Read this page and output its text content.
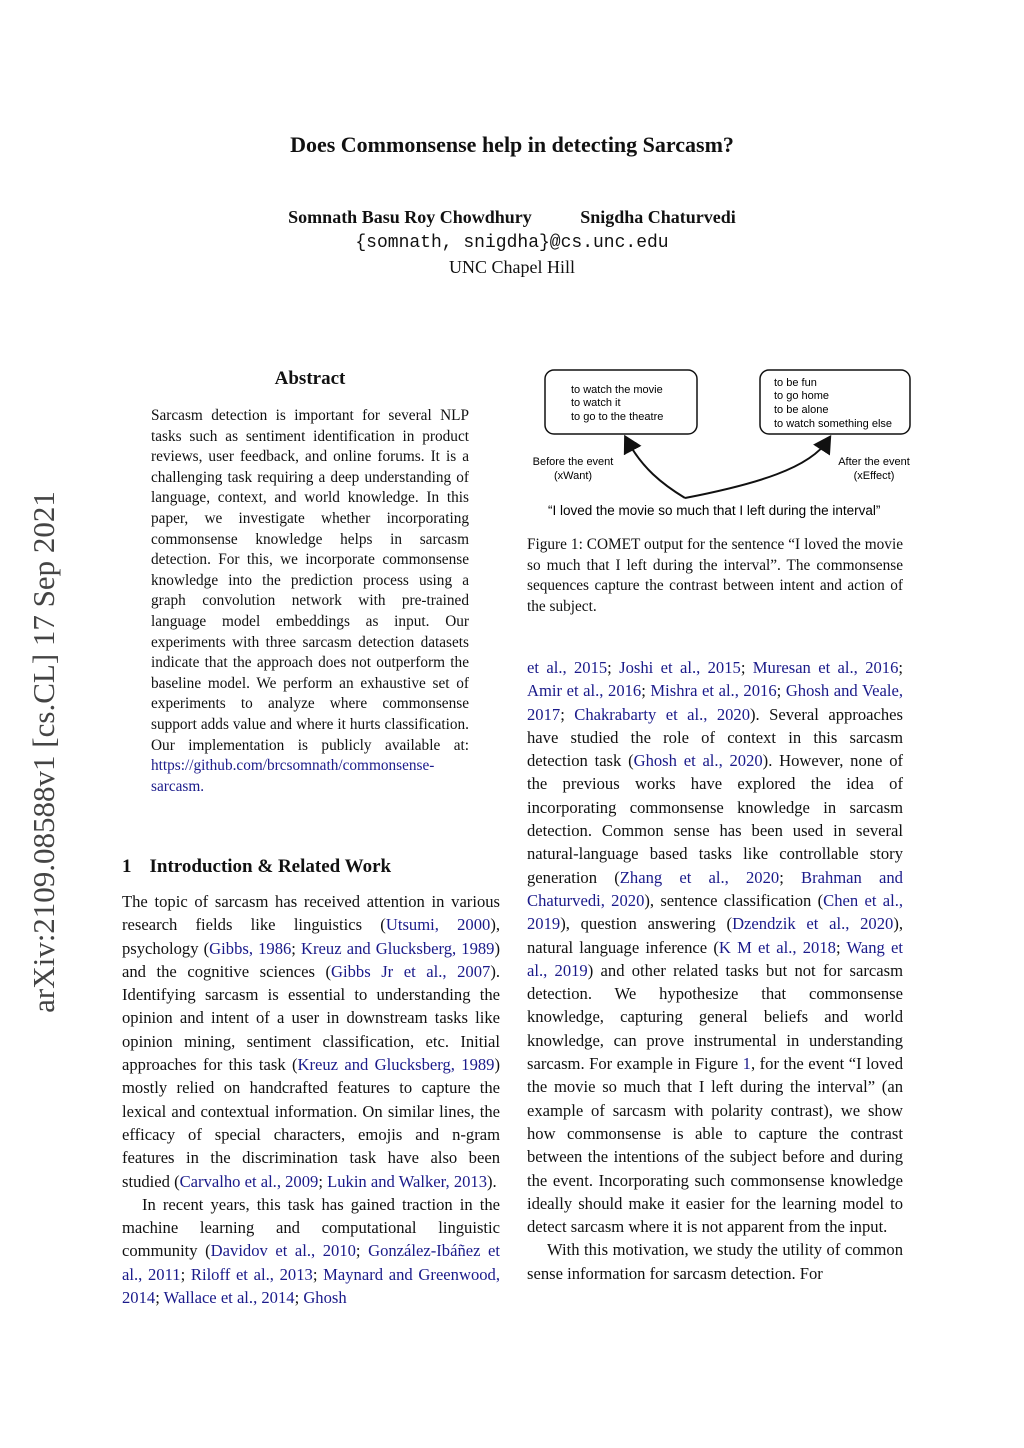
arXiv:2109.08588v1 [cs.CL] 17 Sep 2021
Does Commonsense help in detecting Sarcasm?
Somnath Basu Roy Chowdhury	Snigdha Chaturvedi
{somnath, snigdha}@cs.unc.edu
UNC Chapel Hill
Abstract
Sarcasm detection is important for several NLP tasks such as sentiment identification in product reviews, user feedback, and online forums. It is a challenging task requiring a deep understanding of language, context, and world knowledge. In this paper, we investigate whether incorporating commonsense knowledge helps in sarcasm detection. For this, we incorporate commonsense knowledge into the prediction process using a graph convolution network with pre-trained language model embeddings as input. Our experiments with three sarcasm detection datasets indicate that the approach does not outperform the baseline model. We perform an exhaustive set of experiments to analyze where commonsense support adds value and where it hurts classification. Our implementation is publicly available at: https://github.com/brcsomnath/commonsense-sarcasm.
1 Introduction & Related Work

The topic of sarcasm has received attention in various research fields like linguistics (Utsumi, 2000), psychology (Gibbs, 1986; Kreuz and Glucksberg, 1989) and the cognitive sciences (Gibbs Jr et al., 2007). Identifying sarcasm is essential to understanding the opinion and intent of a user in downstream tasks like opinion mining, sentiment classification, etc. Initial approaches for this task (Kreuz and Glucksberg, 1989) mostly relied on handcrafted features to capture the lexical and contextual information. On similar lines, the efficacy of special characters, emojis and n-gram features in the discrimination task have also been studied (Carvalho et al., 2009; Lukin and Walker, 2013).

In recent years, this task has gained traction in the machine learning and computational linguistic community (Davidov et al., 2010; González-Ibáñez et al., 2011; Riloff et al., 2013; Maynard and Greenwood, 2014; Wallace et al., 2014; Ghosh

to watch the movie
to watch it
to go to the theatre
to be fun
to go home
to be alone
to watch something else
Before the event
(xWant)
After the event
(xEffect)
“I loved the movie so much that I left during the interval”
Figure 1: COMET output for the sentence “I loved the movie so much that I left during the interval”. The commonsense sequences capture the contrast between intent and action of the subject.

et al., 2015; Joshi et al., 2015; Muresan et al., 2016; Amir et al., 2016; Mishra et al., 2016; Ghosh and Veale, 2017; Chakrabarty et al., 2020). Several approaches have studied the role of context in this sarcasm detection task (Ghosh et al., 2020). However, none of the previous works have explored the idea of incorporating commonsense knowledge in sarcasm detection. Common sense has been used in several natural-language based tasks like controllable story generation (Zhang et al., 2020; Brahman and Chaturvedi, 2020), sentence classification (Chen et al., 2019), question answering (Dzendzik et al., 2020), natural language inference (K M et al., 2018; Wang et al., 2019) and other related tasks but not for sarcasm detection. We hypothesize that commonsense knowledge, capturing general beliefs and world knowledge, can prove instrumental in understanding sarcasm. For example in Figure 1, for the event “I loved the movie so much that I left during the interval” (an example of sarcasm with polarity contrast), we show how commonsense is able to capture the contrast between the intentions of the subject before and during the event. Incorporating such commonsense knowledge ideally should make it easier for the learning model to detect sarcasm where it is not apparent from the input.

With this motivation, we study the utility of common sense information for sarcasm detection. For
